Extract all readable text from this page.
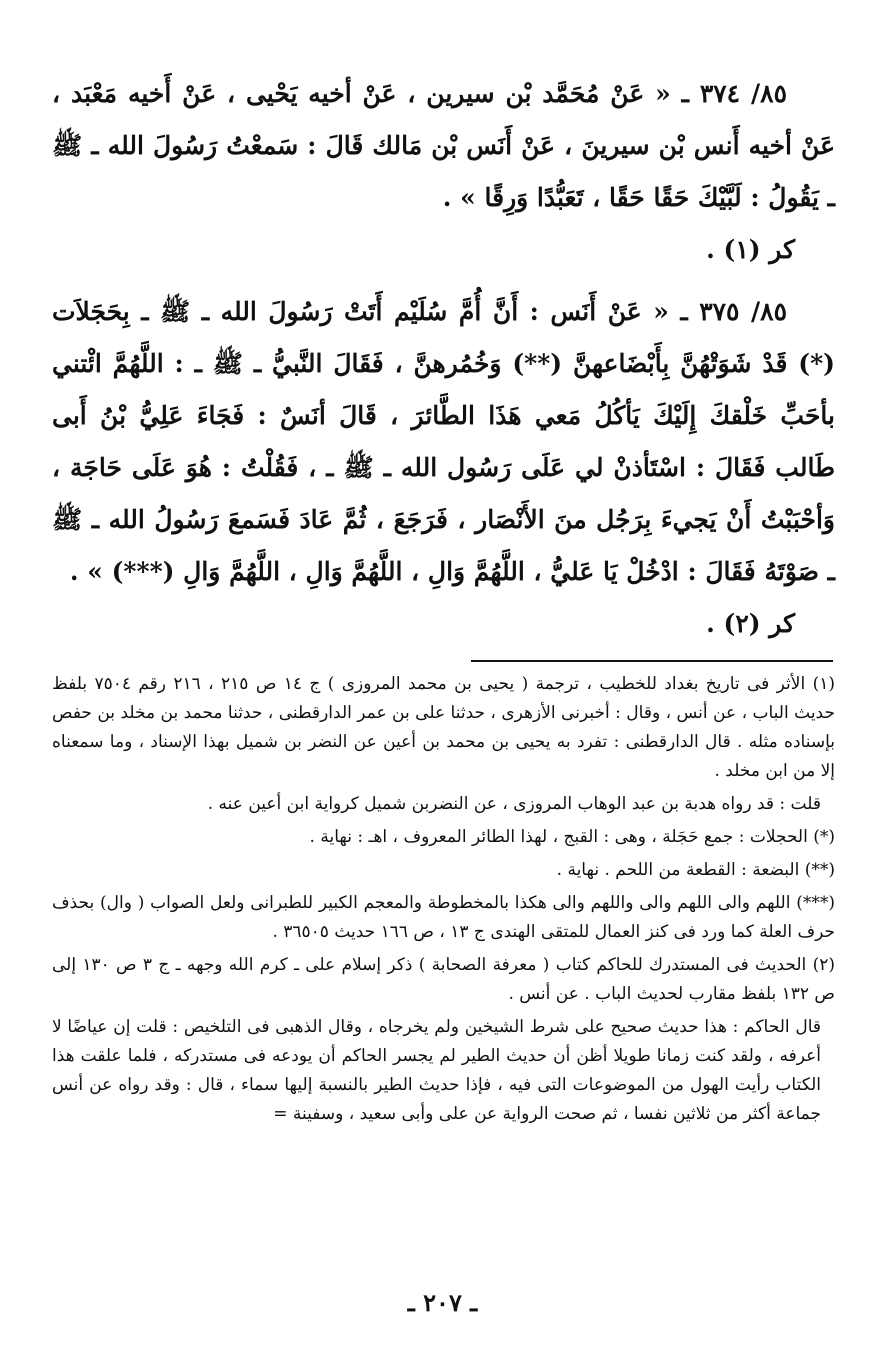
٨٥/ ٣٧٤ ـ « عَنْ مُحَمَّد بْن سيرين ، عَنْ أخيه يَحْيى ، عَنْ أَخيه مَعْبَد ، عَنْ أخيه أَنس بْن سيرينَ ، عَنْ أَنَس بْن مَالك قَالَ : سَمعْتُ رَسُولَ الله ـ ﷺ ـ يَقُولُ : لَبَّيْكَ حَقًا حَقًا ، تَعَبُّدًا وَرِقًا » .

كر (١) .

٨٥/ ٣٧٥ ـ « عَنْ أَنَس : أَنَّ أُمَّ سُلَيْم أَتَتْ رَسُولَ الله ـ ﷺ ـ بِحَجَلاَت (*) قَدْ شَوَتْهُنَّ بِأَبْضَاعهنَّ (**) وَخُمُرهنَّ ، فَقَالَ النَّبيُّ ـ ﷺ ـ : اللَّهُمَّ ائْتني بأحَبِّ خَلْقكَ إِلَيْكَ يَأكُلُ مَعي هَذَا الطَّائرَ ، قَالَ أنَسٌ : فَجَاءَ عَلِيُّ بْنُ أَبى طَالب فَقَالَ : اسْتَأذنْ لي عَلَى رَسُول الله ـ ﷺ ـ ، فَقُلْتُ : هُوَ عَلَى حَاجَة ، وَأحْبَبْتُ أَنْ يَجيءَ بِرَجُل منَ الأَنْصَار ، فَرَجَعَ ، ثُمَّ عَادَ فَسَمعَ رَسُولُ الله ـ ﷺ ـ صَوْتَهُ فَقَالَ : ادْخُلْ يَا عَليُّ ، اللَّهُمَّ وَالِ ، اللَّهُمَّ وَالِ ، اللَّهُمَّ وَالِ (***) » .

كر (٢) .

(١) الأثر فى تاريخ بغداد للخطيب ، ترجمة ( يحيى بن محمد المروزى ) ج ١٤ ص ٢١٥ ، ٢١٦ رقم ٧٥٠٤ بلفظ حديث الباب ، عن أنس ، وقال : أخبرنى الأزهرى ، حدثنا على بن عمر الدارقطنى ، حدثنا محمد بن مخلد بن حفص بإسناده مثله . قال الدارقطنى : تفرد به يحيى بن محمد بن أعين عن النضر بن شميل بهذا الإسناد ، وما سمعناه إلا من ابن مخلد .

قلت : قد رواه هدبة بن عبد الوهاب المروزى ، عن النضربن شميل كرواية ابن أعين عنه .

(*) الحجلات : جمع حَجَلة ، وهى : القبج ، لهذا الطائر المعروف ، اهـ : نهاية .

(**) البضعة : القطعة من اللحم . نهاية .

(***) اللهم والى اللهم والى واللهم والى هكذا بالمخطوطة والمعجم الكبير للطبرانى ولعل الصواب ( وال) بحذف حرف العلة كما ورد فى كنز العمال للمتقى الهندى ج ١٣ ، ص ١٦٦ حديث ٣٦٥٠٥ .

(٢) الحديث فى المستدرك للحاكم كتاب ( معرفة الصحابة ) ذكر إسلام على ـ كرم الله وجهه ـ ج ٣ ص ١٣٠ إلى ص ١٣٢ بلفظ مقارب لحديث الباب . عن أنس .

قال الحاكم : هذا حديث صحيح على شرط الشيخين ولم يخرجاه ، وقال الذهبى فى التلخيص : قلت إن عياضًا لا أعرفه ، ولقد كنت زمانا طويلا أظن أن حديث الطير لم يجسر الحاكم أن يودعه فى مستدركه ، فلما علقت هذا الكتاب رأيت الهول من الموضوعات التى فيه ، فإذا حديث الطير بالنسبة إليها سماء ، قال : وقد رواه عن أنس جماعة أكثر من ثلاثين نفسا ، ثم صحت الرواية عن على وأبى سعيد ، وسفينة =

ـ ٢٠٧ ـ
